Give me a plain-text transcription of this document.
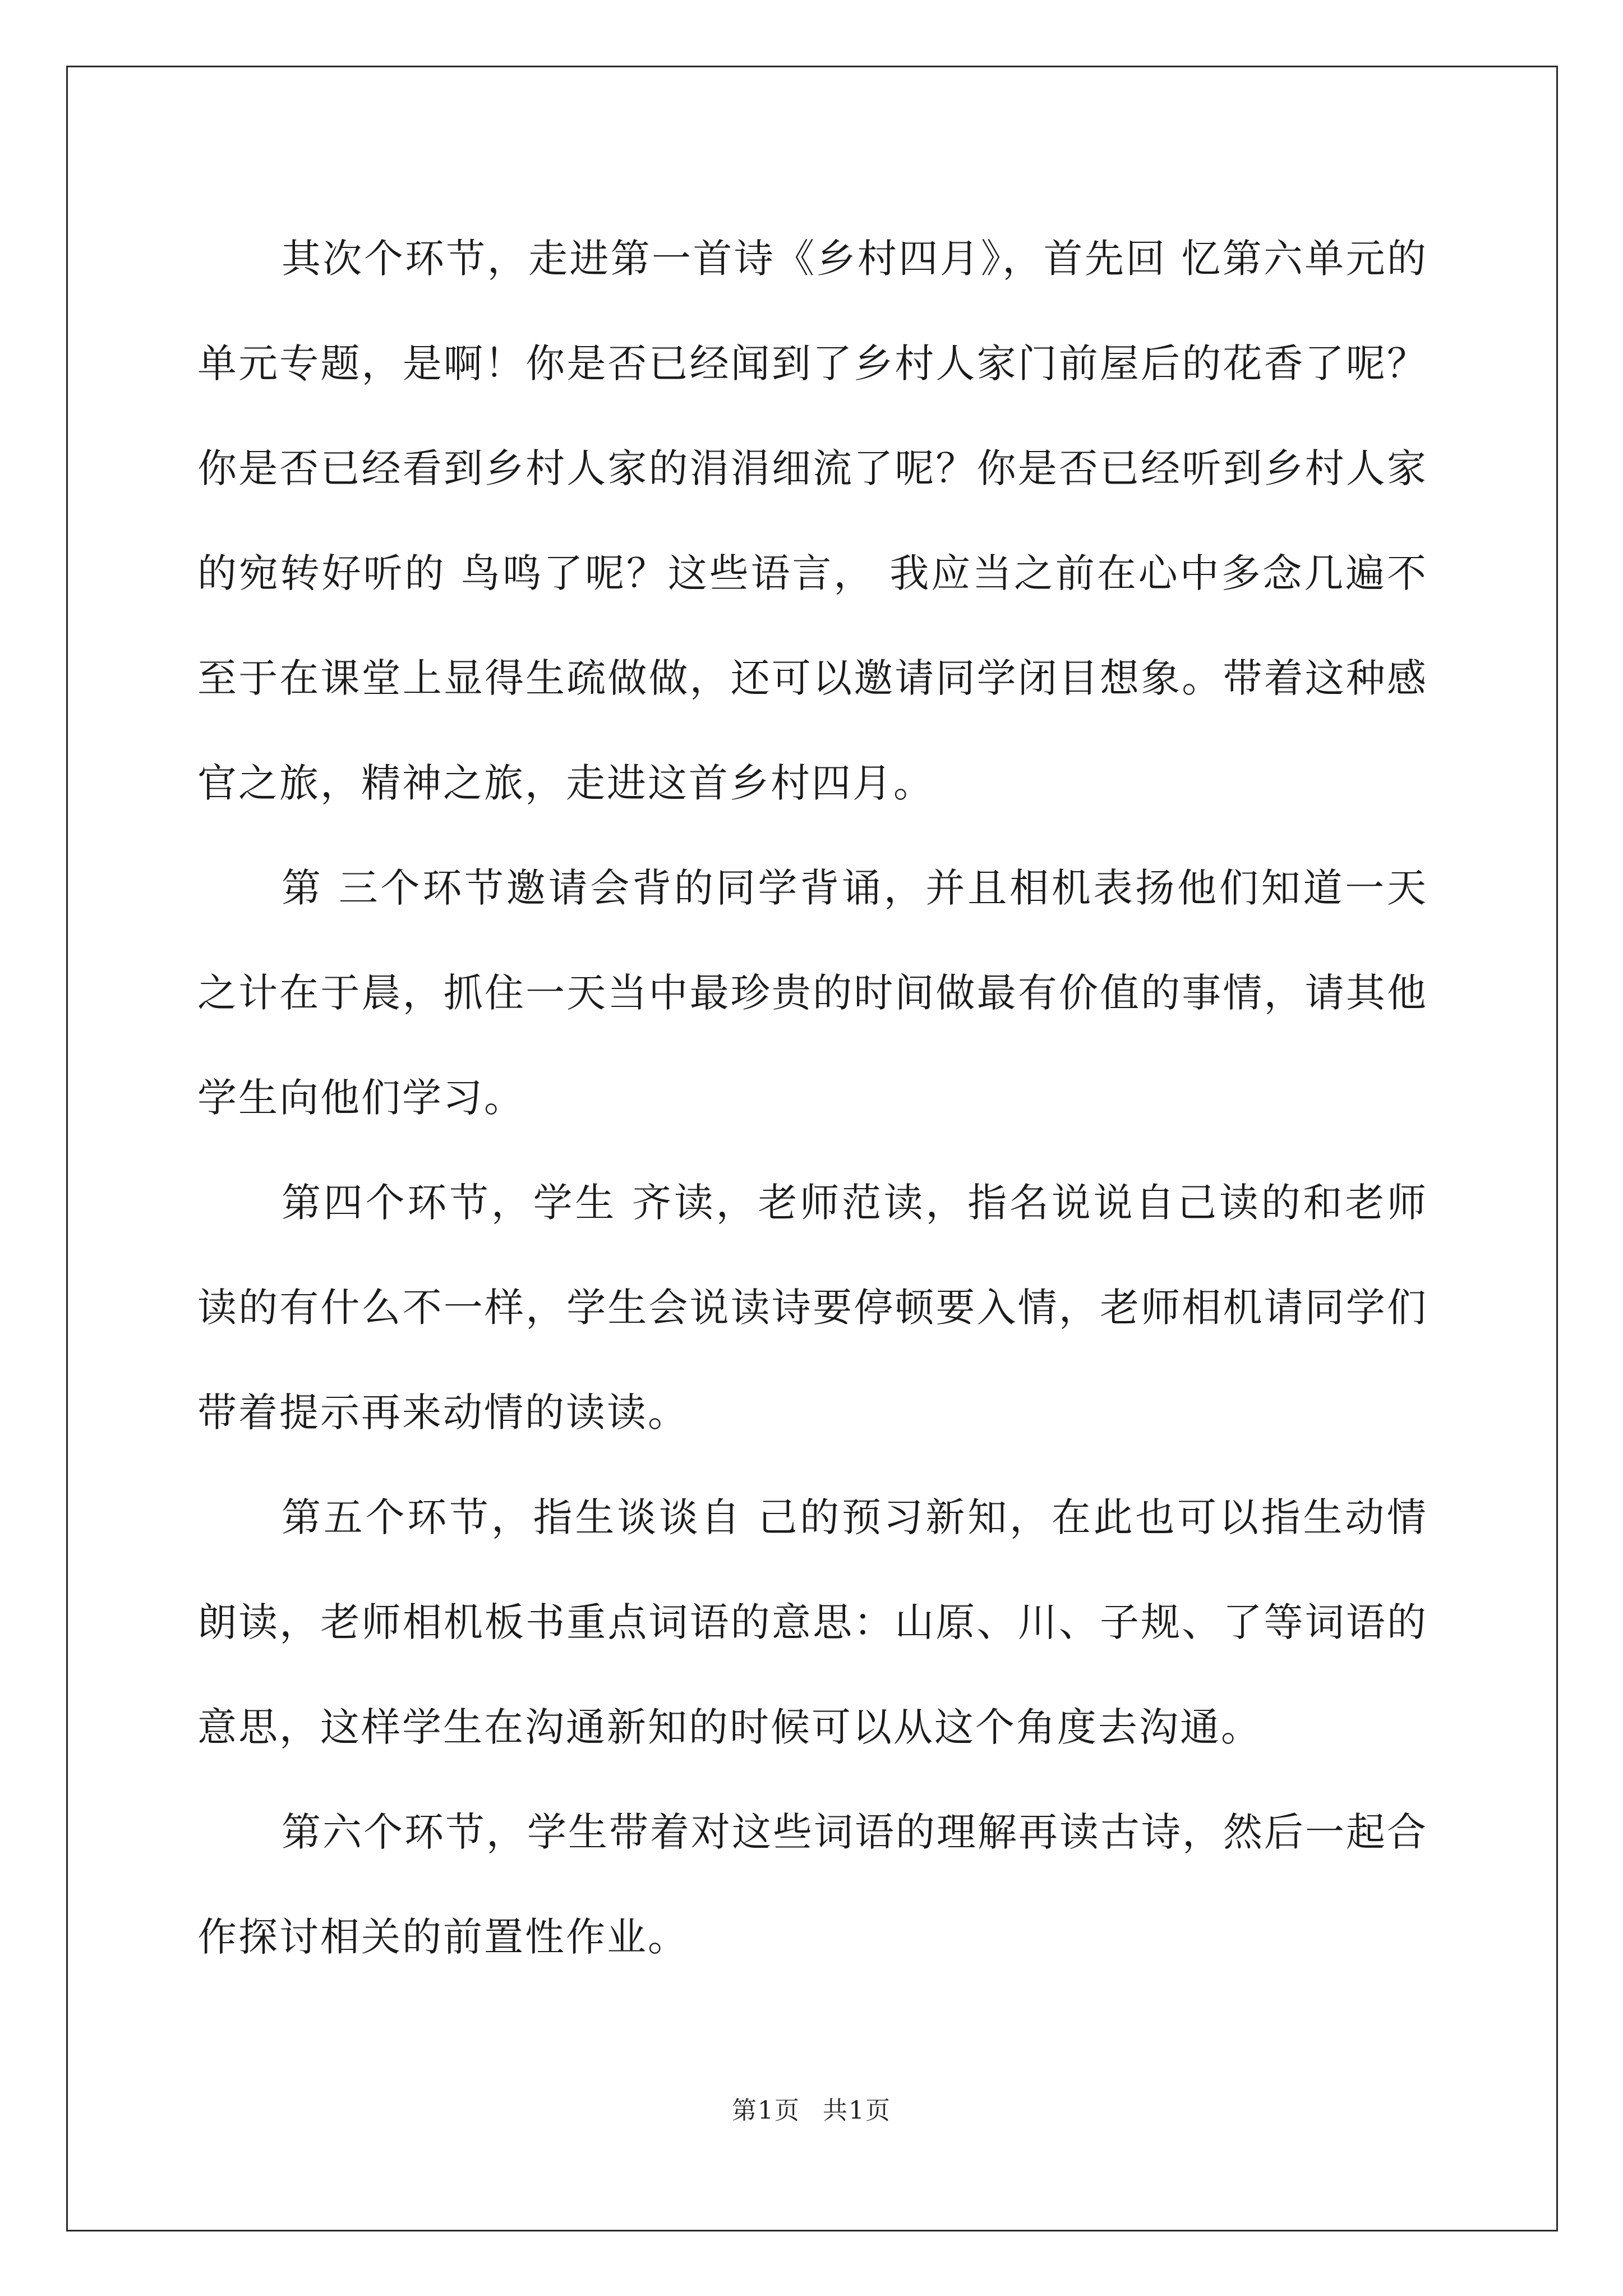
其次个环节，走进第一首诗《乡村四月》，首先回 忆第六单元的单元专题，是啊！你是否已经闻到了乡村人家门前屋后的花香了呢？你是否已经看到乡村人家的涓涓细流了呢？你是否已经听到乡村人家的宛转好听的 鸟鸣了呢？这些语言， 我应当之前在心中多念几遍不至于在课堂上显得生疏做做，还可以邀请同学闭目想象。带着这种感官之旅，精神之旅，走进这首乡村四月。

第 三个环节邀请会背的同学背诵，并且相机表扬他们知道一天之计在于晨，抓住一天当中最珍贵的时间做最有价值的事情，请其他学生向他们学习。

第四个环节，学生 齐读，老师范读，指名说说自己读的和老师读的有什么不一样，学生会说读诗要停顿要入情，老师相机请同学们带着提示再来动情的读读。

第五个环节，指生谈谈自 己的预习新知，在此也可以指生动情朗读，老师相机板书重点词语的意思：山原、川、子规、了等词语的意思，这样学生在沟通新知的时候可以从这个角度去沟通。

第六个环节，学生带着对这些词语的理解再读古诗，然后一起合作探讨相关的前置性作业。

第1页 共1页
